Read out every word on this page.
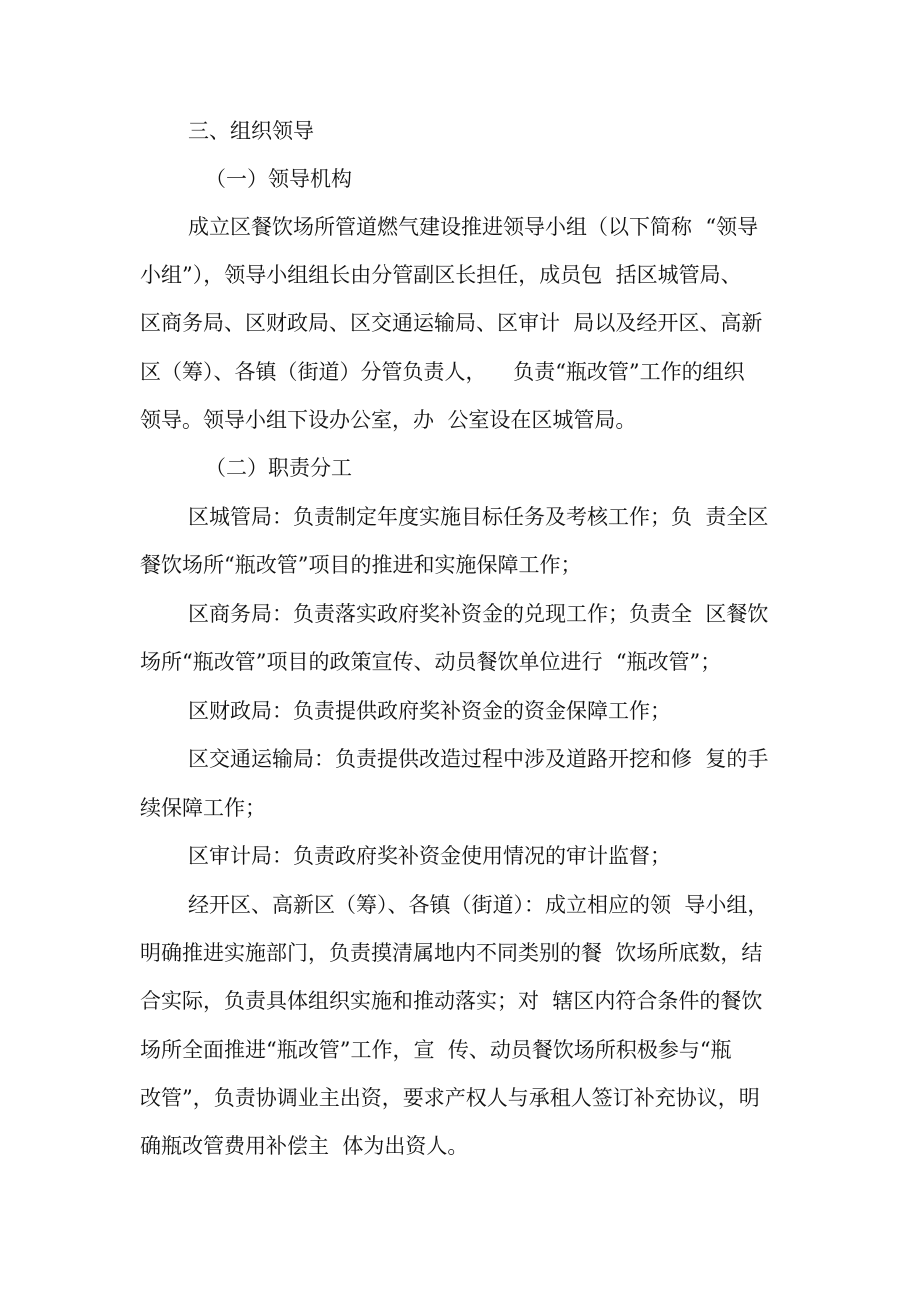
三、组织领导
（一）领导机构
成立区餐饮场所管道燃气建设推进领导小组（以下简称  “领导
小组”），领导小组组长由分管副区长担任，成员包  括区城管局、
区商务局、区财政局、区交通运输局、区审计  局以及经开区、高新
区（筹）、各镇（街道）分管负责人，    负责“瓶改管”工作的组织
领导。领导小组下设办公室，办  公室设在区城管局。
（二）职责分工
区城管局：负责制定年度实施目标任务及考核工作；负  责全区
餐饮场所“瓶改管”项目的推进和实施保障工作；
区商务局：负责落实政府奖补资金的兑现工作；负责全  区餐饮
场所“瓶改管”项目的政策宣传、动员餐饮单位进行  “瓶改管”；
区财政局：负责提供政府奖补资金的资金保障工作；
区交通运输局：负责提供改造过程中涉及道路开挖和修  复的手
续保障工作；
区审计局：负责政府奖补资金使用情况的审计监督；
经开区、高新区（筹）、各镇（街道）：成立相应的领  导小组，
明确推进实施部门，负责摸清属地内不同类别的餐  饮场所底数，结
合实际，负责具体组织实施和推动落实；对  辖区内符合条件的餐饮
场所全面推进“瓶改管”工作，宣  传、动员餐饮场所积极参与“瓶
改管”，负责协调业主出资，要求产权人与承租人签订补充协议，明
确瓶改管费用补偿主  体为出资人。
